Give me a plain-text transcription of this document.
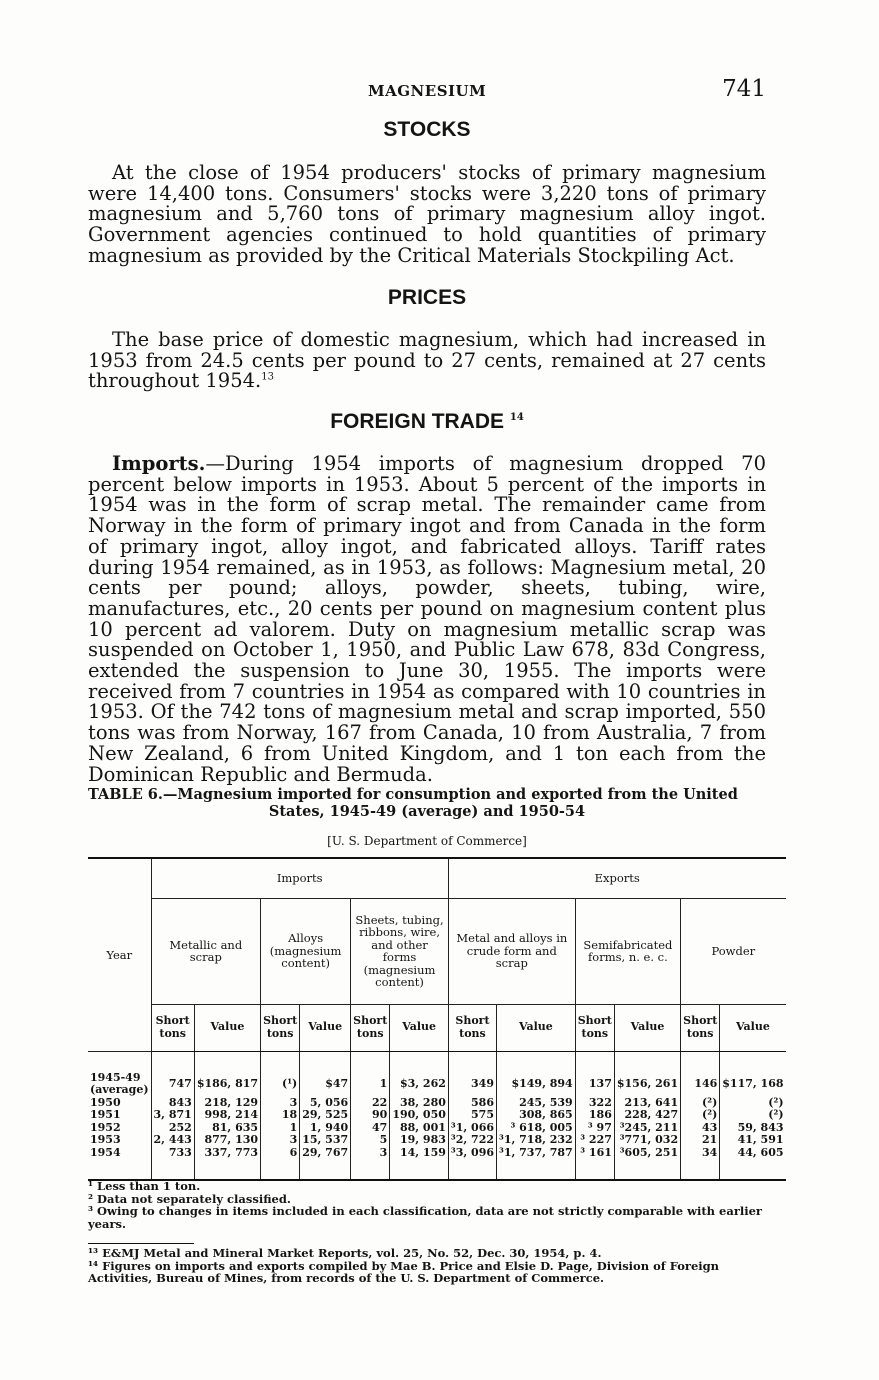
MAGNESIUM	741
STOCKS

At the close of 1954 producers' stocks of primary magnesium were 14,400 tons. Consumers' stocks were 3,220 tons of primary magnesium and 5,760 tons of primary magnesium alloy ingot. Government agencies continued to hold quantities of primary magnesium as provided by the Critical Materials Stockpiling Act.

PRICES

The base price of domestic magnesium, which had increased in 1953 from 24.5 cents per pound to 27 cents, remained at 27 cents throughout 1954.13

FOREIGN TRADE $^{14}$

Imports.—During 1954 imports of magnesium dropped 70 percent below imports in 1953. About 5 percent of the imports in 1954 was in the form of scrap metal. The remainder came from Norway in the form of primary ingot and from Canada in the form of primary ingot, alloy ingot, and fabricated alloys. Tariff rates during 1954 remained, as in 1953, as follows: Magnesium metal, 20 cents per pound; alloys, powder, sheets, tubing, wire, manufactures, etc., 20 cents per pound on magnesium content plus 10 percent ad valorem. Duty on magnesium metallic scrap was suspended on October 1, 1950, and Public Law 678, 83d Congress, extended the suspension to June 30, 1955. The imports were received from 7 countries in 1954 as compared with 10 countries in 1953. Of the 742 tons of magnesium metal and scrap imported, 550 tons was from Norway, 167 from Canada, 10 from Australia, 7 from New Zealand, 6 from United Kingdom, and 1 ton each from the Dominican Republic and Bermuda.

TABLE 6.—Magnesium imported for consumption and exported from the United
States, 1945-49 (average) and 1950-54

[U. S. Department of Commerce]
Year	Imports						Exports					
	Metallic and scrap		Alloys (magnesium content)		Sheets, tubing, ribbons, wire, and other forms (magnesium content)		Metal and alloys in crude form and scrap		Semifabricated forms, n. e. c.		Powder	
	Short tons	Value	Short tons	Value	Short tons	Value	Short tons	Value	Short tons	Value	Short tons	Value
1945-49 (average)	747	$186, 817	(¹)	$47	1	$3, 262	349	$149, 894	137	$156, 261	146	$117, 168
1950	843	218, 129	3	5, 056	22	38, 280	586	245, 539	322	213, 641	(²)	(²)
1951	3, 871	998, 214	18	29, 525	90	190, 050	575	308, 865	186	228, 427	(²)	(²)
1952	252	81, 635	1	1, 940	47	88, 001	³1, 066	³ 618, 005	³ 97	³245, 211	43	59, 843
1953	2, 443	877, 130	3	15, 537	5	19, 983	³2, 722	³1, 718, 232	³ 227	³771, 032	21	41, 591
1954	733	337, 773	6	29, 767	3	14, 159	³3, 096	³1, 737, 787	³ 161	³605, 251	34	44, 605

¹ Less than 1 ton.

² Data not separately classified.

³ Owing to changes in items included in each classification, data are not strictly comparable with earlier years.

¹³ E&MJ Metal and Mineral Market Reports, vol. 25, No. 52, Dec. 30, 1954, p. 4.

¹⁴ Figures on imports and exports compiled by Mae B. Price and Elsie D. Page, Division of Foreign Activities, Bureau of Mines, from records of the U. S. Department of Commerce.
